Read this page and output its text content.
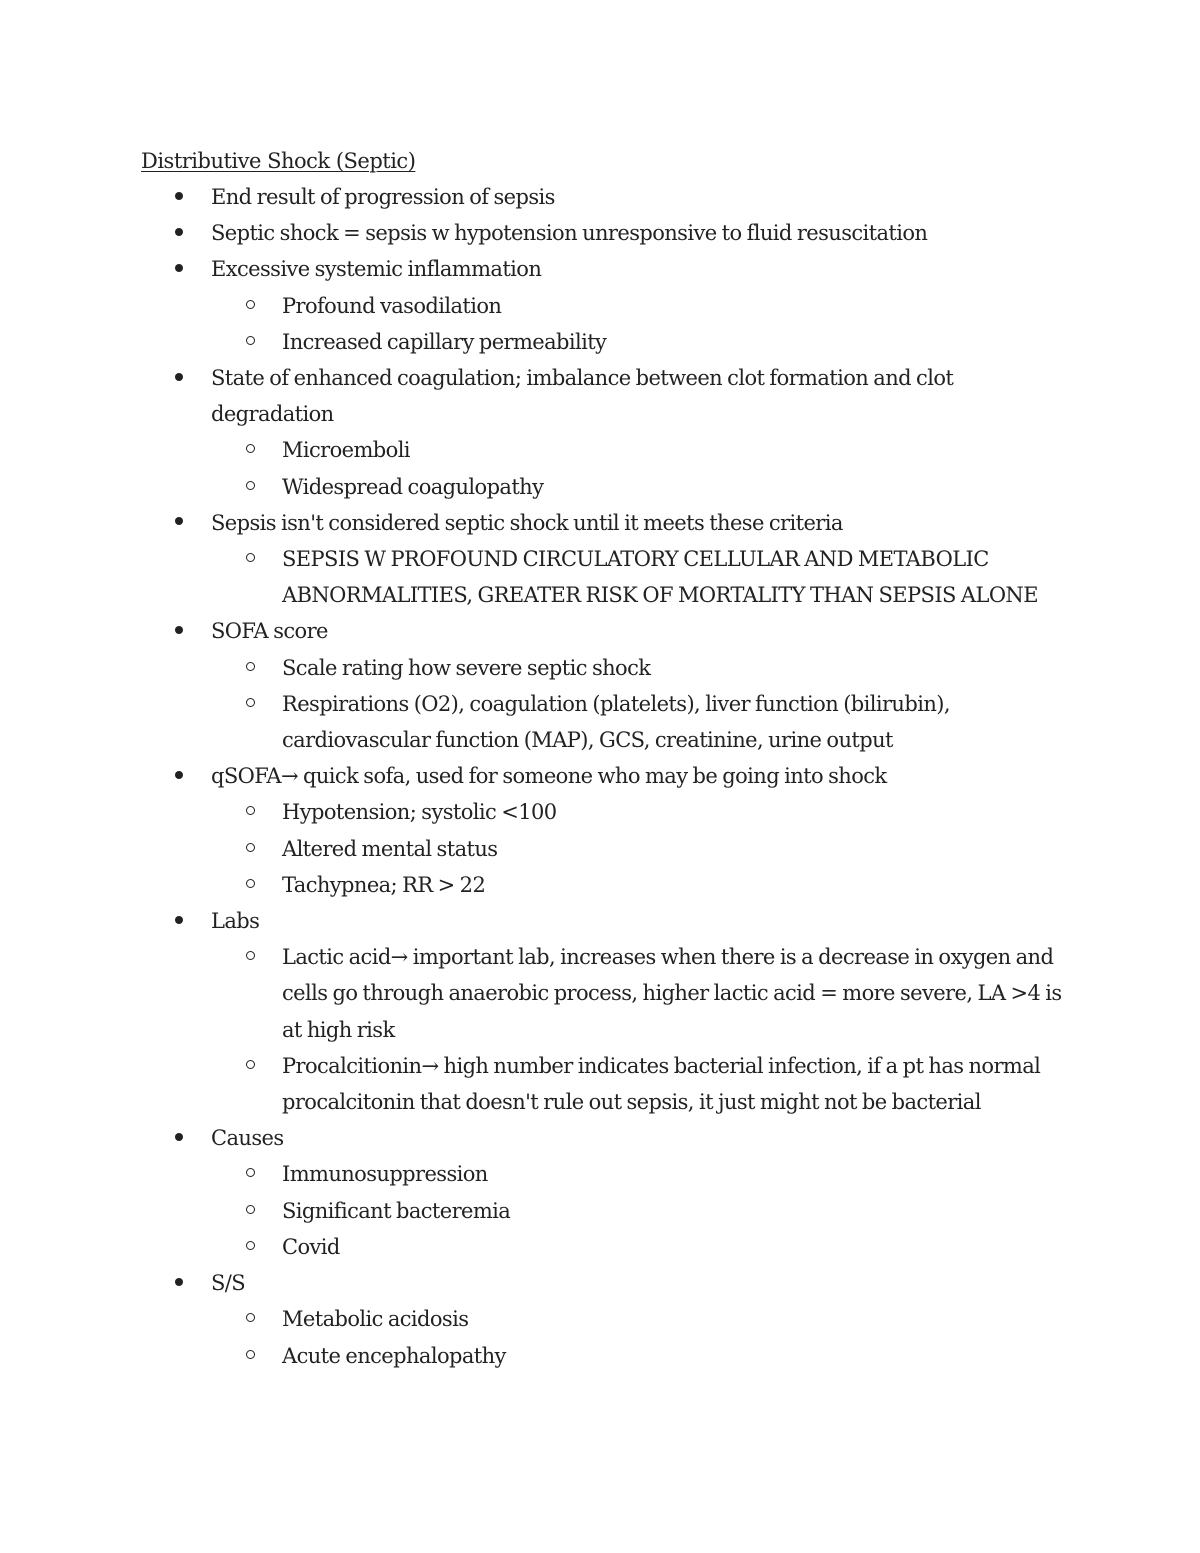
Distributive Shock (Septic)
End result of progression of sepsis
Septic shock = sepsis w hypotension unresponsive to fluid resuscitation
Excessive systemic inflammation
Profound vasodilation
Increased capillary permeability
State of enhanced coagulation; imbalance between clot formation and clot degradation
Microemboli
Widespread coagulopathy
Sepsis isn't considered septic shock until it meets these criteria
SEPSIS W PROFOUND CIRCULATORY CELLULAR AND METABOLIC ABNORMALITIES, GREATER RISK OF MORTALITY THAN SEPSIS ALONE
SOFA score
Scale rating how severe septic shock
Respirations (O2), coagulation (platelets), liver function (bilirubin), cardiovascular function (MAP), GCS, creatinine, urine output
qSOFA→ quick sofa, used for someone who may be going into shock
Hypotension; systolic <100
Altered mental status
Tachypnea; RR > 22
Labs
Lactic acid→ important lab, increases when there is a decrease in oxygen and cells go through anaerobic process, higher lactic acid = more severe, LA >4 is at high risk
Procalcitionin→ high number indicates bacterial infection, if a pt has normal procalcitonin that doesn't rule out sepsis, it just might not be bacterial
Causes
Immunosuppression
Significant bacteremia
Covid
S/S
Metabolic acidosis
Acute encephalopathy
